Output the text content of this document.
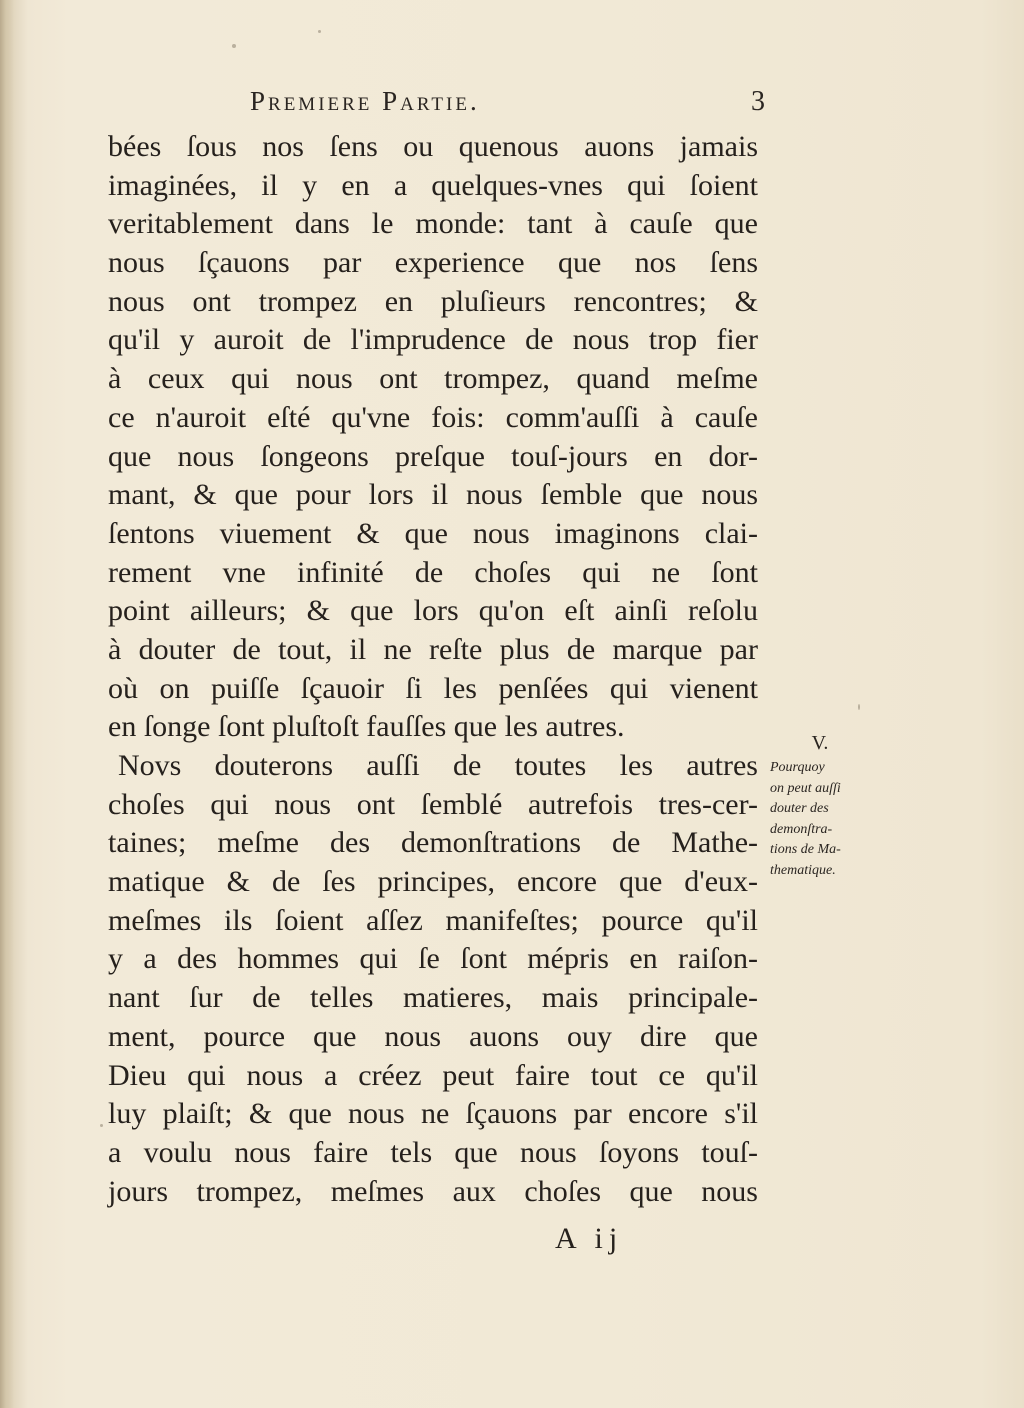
Premiere Partie.	3
bées ſous nos ſens ou quenous auons jamais
imaginées, il y en a quelques-vnes qui ſoient
veritablement dans le monde: tant à cauſe que
nous ſçauons par experience que nos ſens
nous ont trompez en pluſieurs rencontres; &
qu'il y auroit de l'imprudence de nous trop fier
à ceux qui nous ont trompez, quand meſme
ce n'auroit eſté qu'vne fois: comm'auſſi à cauſe
que nous ſongeons preſque touſ-jours en dor-
mant, & que pour lors il nous ſemble que nous
ſentons viuement & que nous imaginons clai-
rement vne infinité de choſes qui ne ſont
point ailleurs; & que lors qu'on eſt ainſi reſolu
à douter de tout, il ne reſte plus de marque par
où on puiſſe ſçauoir ſi les penſées qui vienent
en ſonge ſont pluſtoſt fauſſes que les autres.
Novs douterons auſſi de toutes les autres
choſes qui nous ont ſemblé autrefois tres-cer-
taines; meſme des demonſtrations de Mathe-
matique & de ſes principes, encore que d'eux-
meſmes ils ſoient aſſez manifeſtes; pource qu'il
y a des hommes qui ſe ſont mépris en raiſon-
nant ſur de telles matieres, mais principale-
ment, pource que nous auons ouy dire que
Dieu qui nous a créez peut faire tout ce qu'il
luy plaiſt; & que nous ne ſçauons par encore s'il
a voulu nous faire tels que nous ſoyons touſ-
jours trompez, meſmes aux choſes que nous
V.
Pourquoy
on peut auſſi
douter des
demonſtra-
tions de Ma-
thematique.
A ij
